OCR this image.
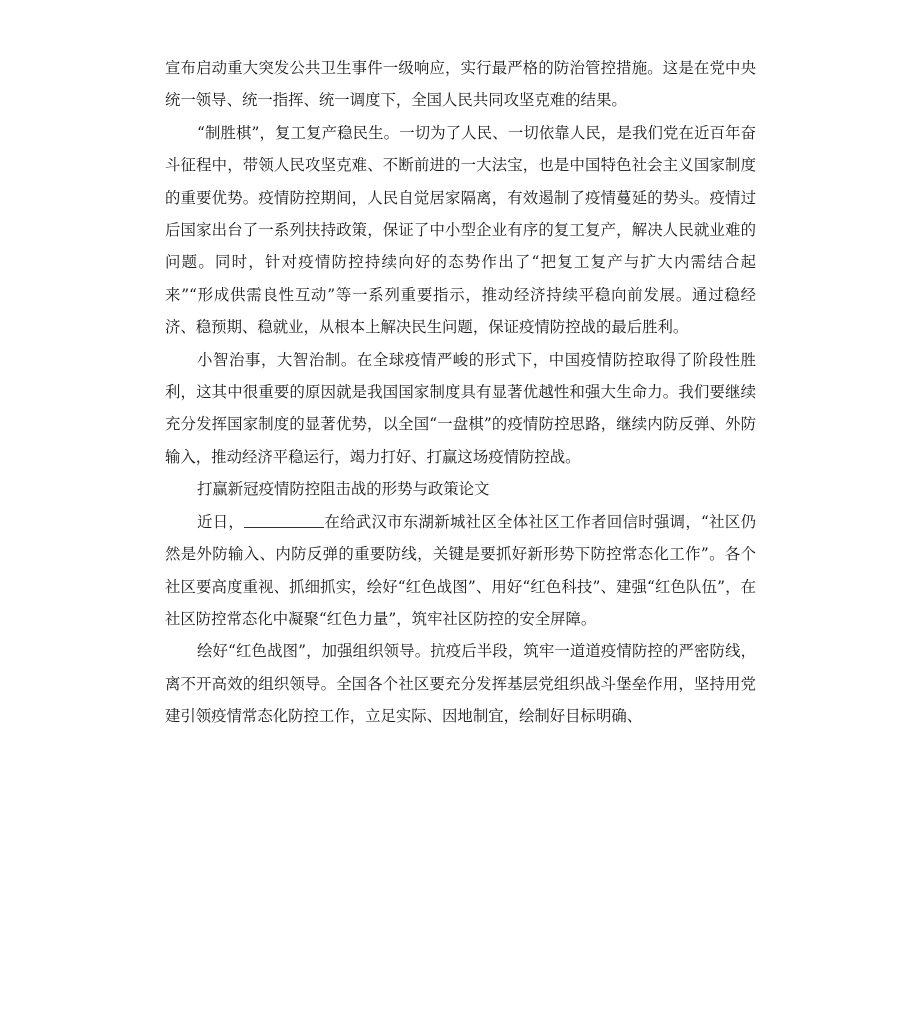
宣布启动重大突发公共卫生事件一级响应，实行最严格的防治管控措施。这是在党中央统一领导、统一指挥、统一调度下，全国人民共同攻坚克难的结果。

“制胜棋”，复工复产稳民生。一切为了人民、一切依靠人民，是我们党在近百年奋斗征程中，带领人民攻坚克难、不断前进的一大法宝，也是中国特色社会主义国家制度的重要优势。疫情防控期间，人民自觉居家隔离，有效遏制了疫情蔓延的势头。疫情过后国家出台了一系列扶持政策，保证了中小型企业有序的复工复产，解决人民就业难的问题。同时，针对疫情防控持续向好的态势作出了“把复工复产与扩大内需结合起来”“形成供需良性互动”等一系列重要指示，推动经济持续平稳向前发展。通过稳经济、稳预期、稳就业，从根本上解决民生问题，保证疫情防控战的最后胜利。

小智治事，大智治制。在全球疫情严峻的形式下，中国疫情防控取得了阶段性胜利，这其中很重要的原因就是我国国家制度具有显著优越性和强大生命力。我们要继续充分发挥国家制度的显著优势，以全国“一盘棋”的疫情防控思路，继续内防反弹、外防输入，推动经济平稳运行，竭力打好、打赢这场疫情防控战。

打赢新冠疫情防控阻击战的形势与政策论文

近日，	在给武汉市东湖新城社区全体社区工作者回信时强调，“社区仍然是外防输入、内防反弹的重要防线，关键是要抓好新形势下防控常态化工作”。各个社区要高度重视、抓细抓实，绘好“红色战图”、用好“红色科技”、建强“红色队伍”，在社区防控常态化中凝聚“红色力量”，筑牢社区防控的安全屏障。

绘好“红色战图”，加强组织领导。抗疫后半段，筑牢一道道疫情防控的严密防线，离不开高效的组织领导。全国各个社区要充分发挥基层党组织战斗堡垒作用，坚持用党建引领疫情常态化防控工作，立足实际、因地制宜，绘制好目标明确、
